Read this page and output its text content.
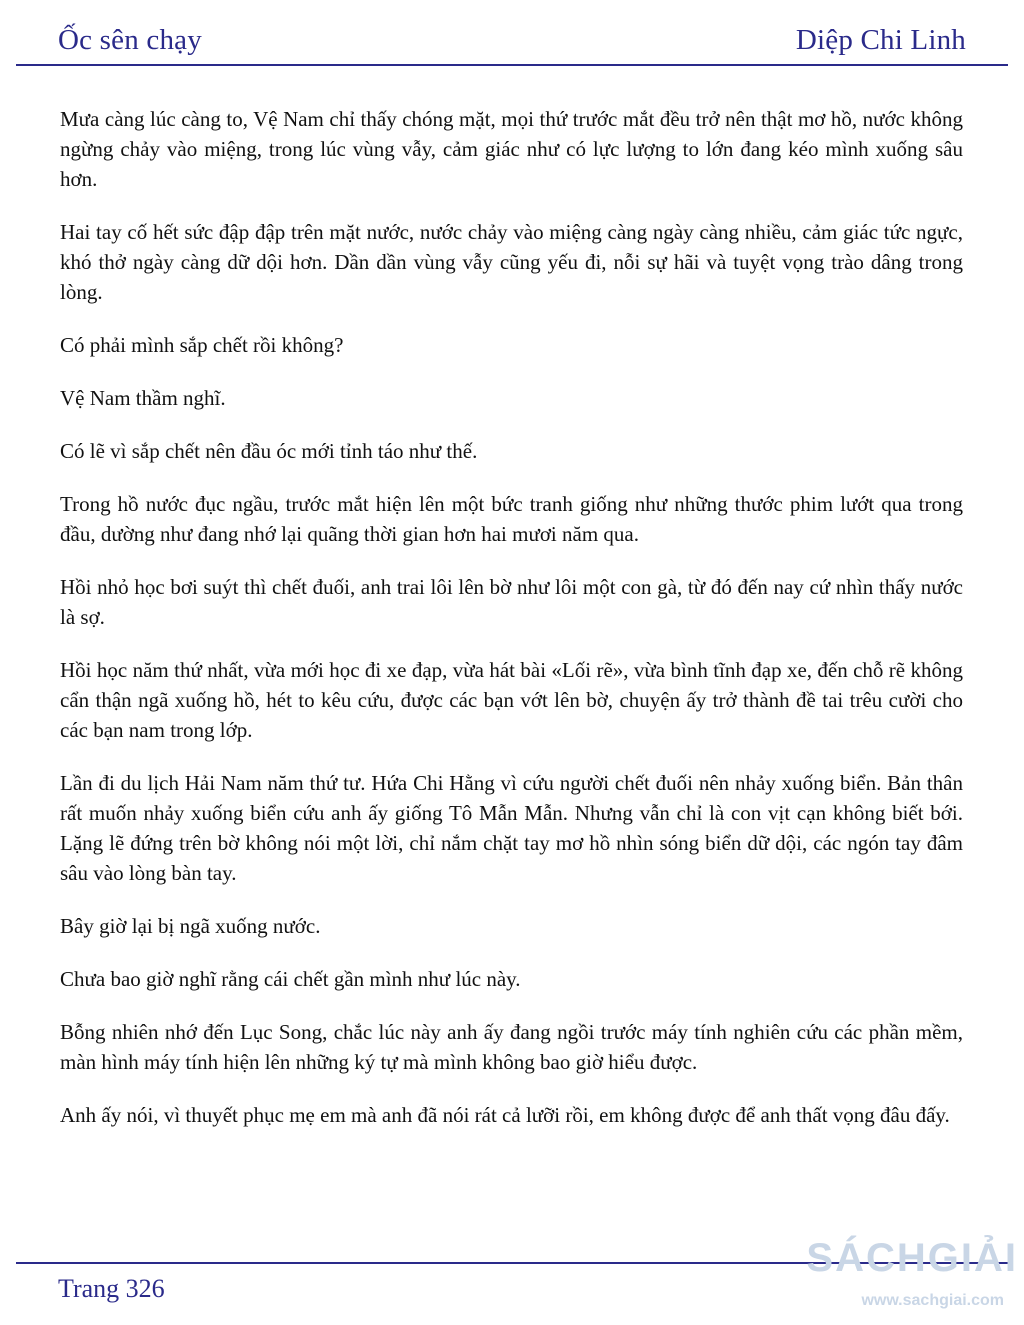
Ốc sên chạy	Diệp Chi Linh

Mưa càng lúc càng to, Vệ Nam chỉ thấy chóng mặt, mọi thứ trước mắt đều trở nên thật mơ hồ, nước không ngừng chảy vào miệng, trong lúc vùng vẫy, cảm giác như có lực lượng to lớn đang kéo mình xuống sâu hơn.

Hai tay cố hết sức đập đập trên mặt nước, nước chảy vào miệng càng ngày càng nhiều, cảm giác tức ngực, khó thở ngày càng dữ dội hơn. Dần dần vùng vẫy cũng yếu đi, nỗi sự hãi và tuyệt vọng trào dâng trong lòng.

Có phải mình sắp chết rồi không?

Vệ Nam thầm nghĩ.

Có lẽ vì sắp chết nên đầu óc mới tỉnh táo như thế.

Trong hồ nước đục ngầu, trước mắt hiện lên một bức tranh giống như những thước phim lướt qua trong đầu, dường như đang nhớ lại quãng thời gian hơn hai mươi năm qua.

Hồi nhỏ học bơi suýt thì chết đuối, anh trai lôi lên bờ như lôi một con gà, từ đó đến nay cứ nhìn thấy nước là sợ.

Hồi học năm thứ nhất, vừa mới học đi xe đạp, vừa hát bài «Lối rẽ», vừa bình tĩnh đạp xe, đến chỗ rẽ không cẩn thận ngã xuống hồ, hét to kêu cứu, được các bạn vớt lên bờ, chuyện ấy trở thành đề tai trêu cười cho các bạn nam trong lớp.

Lần đi du lịch Hải Nam năm thứ tư. Hứa Chi Hằng vì cứu người chết đuối nên nhảy xuống biển. Bản thân rất muốn nhảy xuống biển cứu anh ấy giống Tô Mẫn Mẫn. Nhưng vẫn chỉ là con vịt cạn không biết bới. Lặng lẽ đứng trên bờ không nói một lời, chỉ nắm chặt tay mơ hồ nhìn sóng biển dữ dội, các ngón tay đâm sâu vào lòng bàn tay.

Bây giờ lại bị ngã xuống nước.

Chưa bao giờ nghĩ rằng cái chết gần mình như lúc này.

Bỗng nhiên nhớ đến Lục Song, chắc lúc này anh ấy đang ngồi trước máy tính nghiên cứu các phần mềm, màn hình máy tính hiện lên những ký tự mà mình không bao giờ hiểu được.

Anh ấy nói, vì thuyết phục mẹ em mà anh đã nói rát cả lưỡi rồi, em không được để anh thất vọng đâu đấy.

Trang 326
SÁCHGIẢI
www.sachgiai.com
